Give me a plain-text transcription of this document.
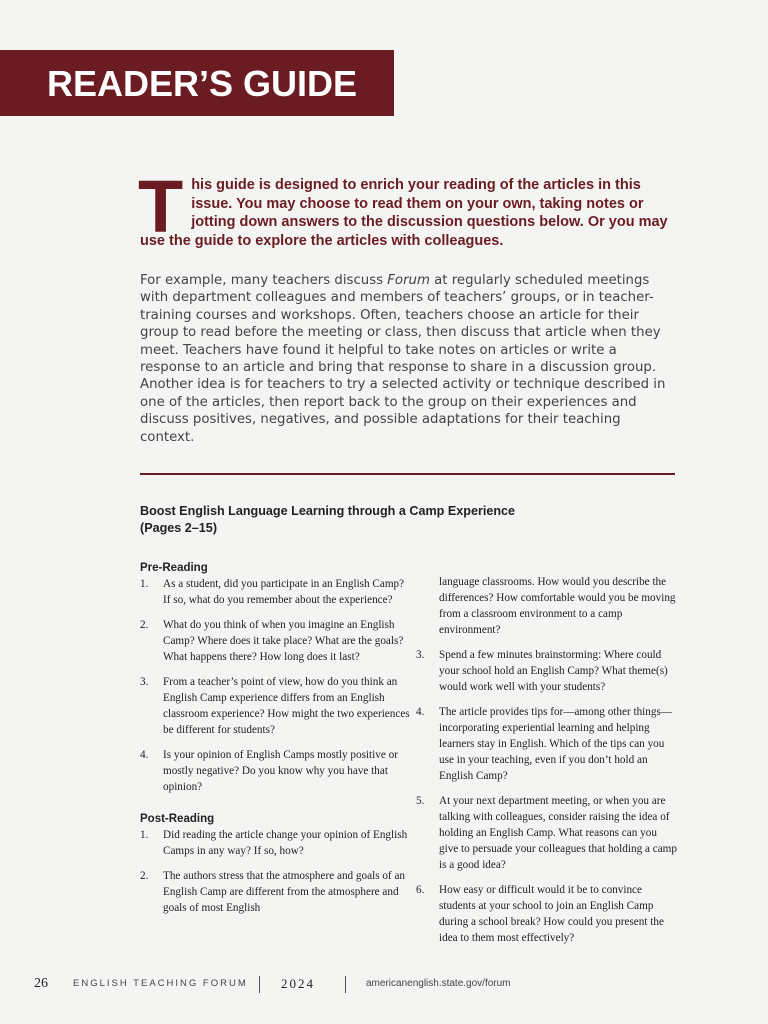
READER’S GUIDE
This guide is designed to enrich your reading of the articles in this issue. You may choose to read them on your own, taking notes or jotting down answers to the discussion questions below. Or you may use the guide to explore the articles with colleagues.
For example, many teachers discuss Forum at regularly scheduled meetings with department colleagues and members of teachers’ groups, or in teacher-training courses and workshops. Often, teachers choose an article for their group to read before the meeting or class, then discuss that article when they meet. Teachers have found it helpful to take notes on articles or write a response to an article and bring that response to share in a discussion group. Another idea is for teachers to try a selected activity or technique described in one of the articles, then report back to the group on their experiences and discuss positives, negatives, and possible adaptations for their teaching context.
Boost English Language Learning through a Camp Experience
(Pages 2–15)

Pre-Reading

1. As a student, did you participate in an English Camp? If so, what do you remember about the experience?
2. What do you think of when you imagine an English Camp? Where does it take place? What are the goals? What happens there? How long does it last?
3. From a teacher’s point of view, how do you think an English Camp experience differs from an English classroom experience? How might the two experiences be different for students?
4. Is your opinion of English Camps mostly positive or mostly negative? Do you know why you have that opinion?

Post-Reading

1. Did reading the article change your opinion of English Camps in any way? If so, how?
2. The authors stress that the atmosphere and goals of an English Camp are different from the atmosphere and goals of most English
language classrooms. How would you describe the differences? How comfortable would you be moving from a classroom environment to a camp environment?
3. Spend a few minutes brainstorming: Where could your school hold an English Camp? What theme(s) would work well with your students?
4. The article provides tips for—among other things—incorporating experiential learning and helping learners stay in English. Which of the tips can you use in your teaching, even if you don’t hold an English Camp?
5. At your next department meeting, or when you are talking with colleagues, consider raising the idea of holding an English Camp. What reasons can you give to persuade your colleagues that holding a camp is a good idea?
6. How easy or difficult would it be to convince students at your school to join an English Camp during a school break? How could you present the idea to them most effectively?
26	ENGLISH TEACHING FORUM	2024	americanenglish.state.gov/forum
